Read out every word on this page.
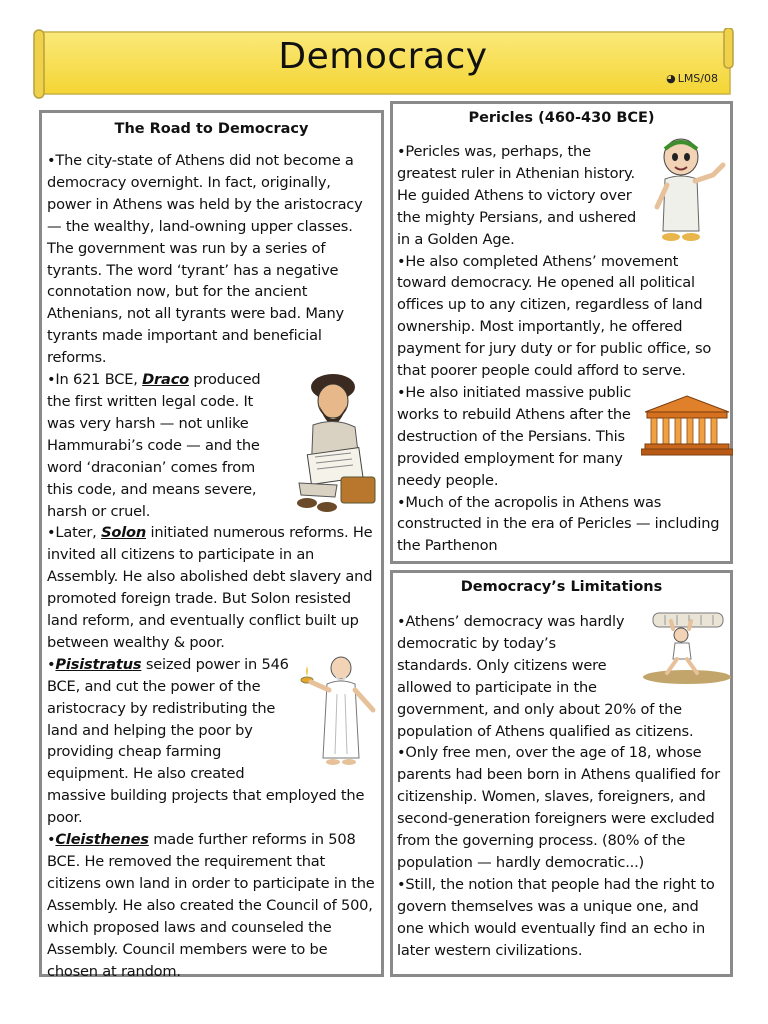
Democracy
◕ LMS/08
The Road to Democracy

•The city-state of Athens did not become a democracy overnight. In fact, originally, power in Athens was held by the aristocracy — the wealthy, land-owning upper classes. The government was run by a series of tyrants. The word ‘tyrant’ has a negative connotation now, but for the ancient Athenians, not all tyrants were bad. Many tyrants made important and beneficial reforms.

•In 621 BCE, Draco produced the first written legal code. It was very harsh — not unlike Hammurabi’s code — and the word ‘draconian’ comes from this code, and means severe, harsh or cruel.

•Later, Solon initiated numerous reforms. He invited all citizens to participate in an Assembly. He also abolished debt slavery and promoted foreign trade. But Solon resisted land reform, and eventually conflict built up between wealthy & poor.

•Pisistratus seized power in 546 BCE, and cut the power of the aristocracy by redistributing the land and helping the poor by providing cheap farming equipment. He also created massive building projects that employed the poor.

•Cleisthenes made further reforms in 508 BCE. He removed the requirement that citizens own land in order to participate in the Assembly. He also created the Council of 500, which proposed laws and counseled the Assembly. Council members were to be chosen at random.

Pericles (460-430 BCE)

•Pericles was, perhaps, the greatest ruler in Athenian history. He guided Athens to victory over the mighty Persians, and ushered in a Golden Age.

•He also completed Athens’ movement toward democracy. He opened all political offices up to any citizen, regardless of land ownership. Most importantly, he offered payment for jury duty or for public office, so that poorer people could afford to serve.

•He also initiated massive public works to rebuild Athens after the destruction of the Persians. This provided employment for many needy people.

•Much of the acropolis in Athens was constructed in the era of Pericles — including the Parthenon

Democracy’s Limitations

•Athens’ democracy was hardly democratic by today’s standards. Only citizens were allowed to participate in the government, and only about 20% of the population of Athens qualified as citizens.

•Only free men, over the age of 18, whose parents had been born in Athens qualified for citizenship. Women, slaves, foreigners, and second-generation foreigners were excluded from the governing process. (80% of the population — hardly democratic...)

•Still, the notion that people had the right to govern themselves was a unique one, and one which would eventually find an echo in later western civilizations.
